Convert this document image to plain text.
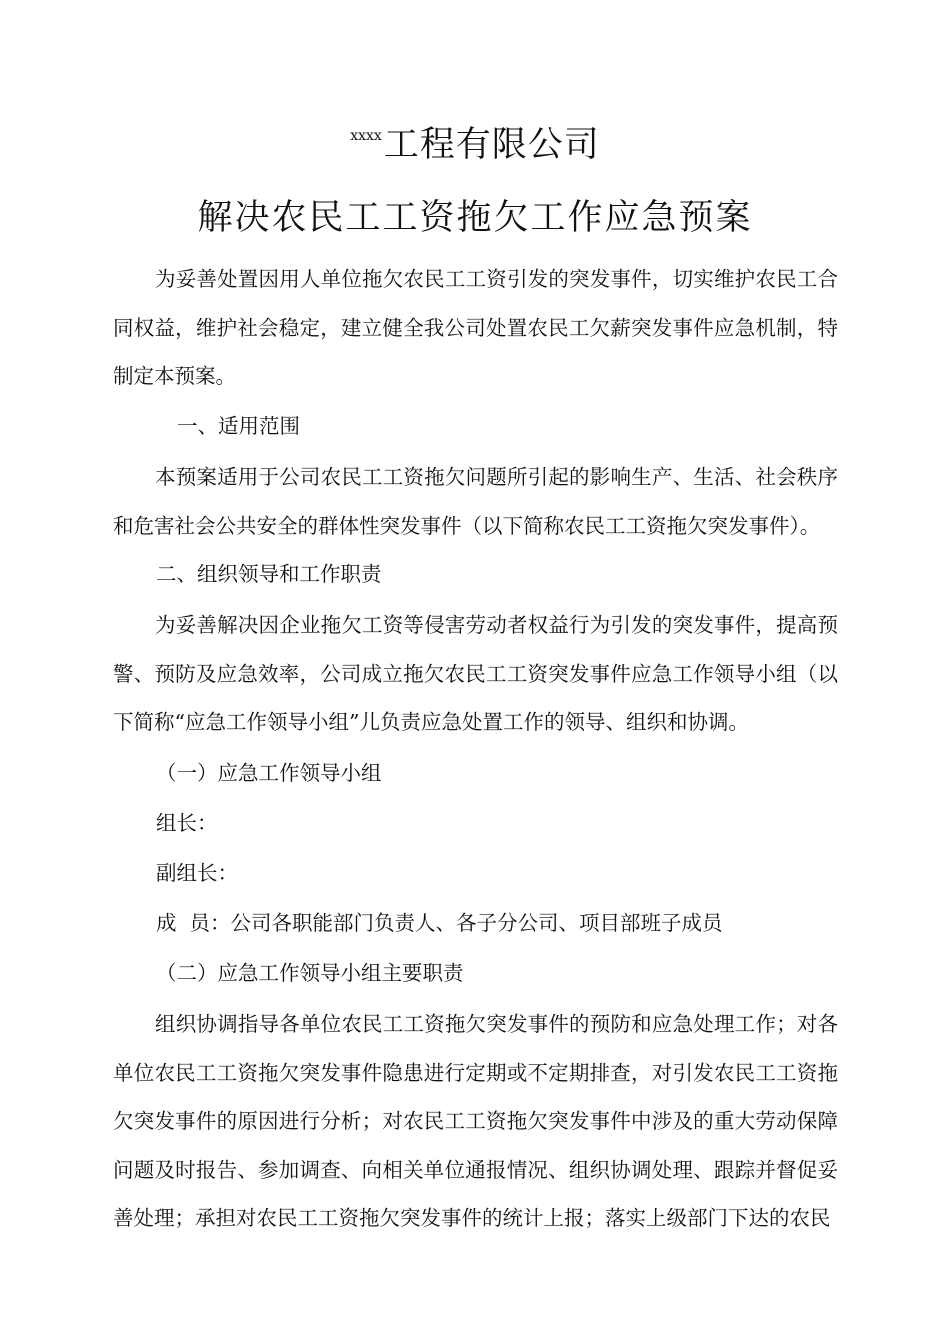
$^{xxxx}$工程有限公司
解决农民工工资拖欠工作应急预案
为妥善处置因用人单位拖欠农民工工资引发的突发事件，切实维护农民工合同权益，维护社会稳定，建立健全我公司处置农民工欠薪突发事件应急机制，特制定本预案。
一、适用范围
本预案适用于公司农民工工资拖欠问题所引起的影响生产、生活、社会秩序和危害社会公共安全的群体性突发事件（以下简称农民工工资拖欠突发事件）。
二、组织领导和工作职责
为妥善解决因企业拖欠工资等侵害劳动者权益行为引发的突发事件，提高预警、预防及应急效率，公司成立拖欠农民工工资突发事件应急工作领导小组（以下简称“应急工作领导小组”儿负责应急处置工作的领导、组织和协调。
（一）应急工作领导小组
组长：
副组长：
成  员：公司各职能部门负责人、各子分公司、项目部班子成员
（二）应急工作领导小组主要职责
组织协调指导各单位农民工工资拖欠突发事件的预防和应急处理工作；对各单位农民工工资拖欠突发事件隐患进行定期或不定期排查，对引发农民工工资拖欠突发事件的原因进行分析；对农民工工资拖欠突发事件中涉及的重大劳动保障问题及时报告、参加调查、向相关单位通报情况、组织协调处理、跟踪并督促妥善处理；承担对农民工工资拖欠突发事件的统计上报；落实上级部门下达的农民
